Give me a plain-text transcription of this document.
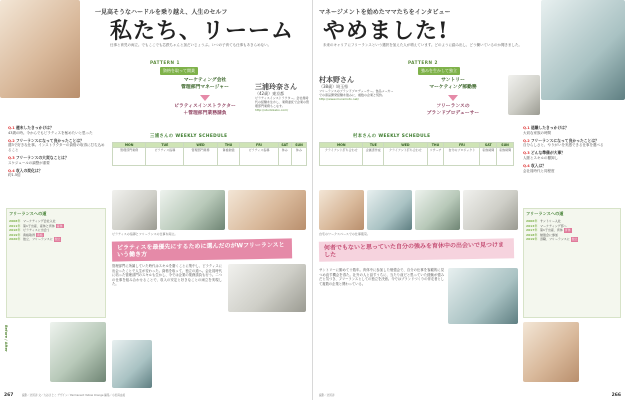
一見高そうなハードルを乗り越え、人生のセルフ
私たち、リーーム
仕事と育児の両立。でもここでも芯鉄ちゃんと加だいじょうぶ。いつの子育ても仕事もあきらめない。
PATTERN 1
資格を取って開業
マーケティング会社
管理部門マネージャー
ピラティスインストラクター
＋管理部門業務請負
三浦玲奈さん
（42歳）東京都
ピラティスインストラクター。会社員時代の経験を生かし、業務委託で企業の管理部門業務もこなす。
http://studiolabo.com/
Q.1 週末したきっかけは？
43歳の時。今からでもピラティスを極めたいと思った
Q.2 フリーランスになって良かったことは？
週3で好きな仕事。インストラクターの資格の取得に打ち込めること
Q.3 フリーランスの大変なことは？
スケジュールの調整が重要
Q.4 収入の変化は？
約1.5倍
三浦さんの WEEKLY SCHEDULE
MON	TUE	WED	THU	FRI	SAT	SUN
管理部門業務	ピラティス指導	管理部門業務	資格勉強	ピラティス指導	休み	休み
ピラティスの指導とフリーランスの仕事を両立。
ピラティスを最優先にするために選んだのがWフリーランスという働き方
管理部門に所属していた時代はスキルを磨くことに集中し、ピラティスに出会ったことで人生が変わった。資格を取って、独立の道へ。会社員時代に培った管理部門のスキルも生かし、今では企業の業務請負も行う。二つの仕事を組み合わせることで、収入の安定と好きなことの両立を実現した。
フリーランスへの道
2008年 マーケティング会社入社
2011年 第1子出産、産休と育休 産休
2016年 ピラティスに出会う
2019年 資格取得 資格
2020年 独立、フリーランスに 独立
Before / After
267	撮影／北尾渉 文／大谷さとこ デザイン／Permanent Yellow Orange 編集／小田真由美
マネージメントを始めたママたちをインタビュー
やめました!
未来のキャリアにフリーランスという選択を加えた人が増えています。どのように踏み出し、どう働いているのか聞きました。
PATTERN 2
強みを生かして独立
サントリー
マーケティング部勤務
フリーランスの
ブランドプロデューサー
村本野さん
（38歳）埼玉県
フリーランスのブランドプロデューサー。食品メーカーでの商品開発経験を強みに、複数の企業と契約。
http://www.muramoto.net/
村本さんの WEEKLY SCHEDULE
MON	TUE	WED	THU	FRI	SAT	SUN
クライアント打ち合わせ	企画書作成	クライアント打ち合わせ	リサーチ	自分のプロジェクト	家族時間	家族時間
Q.1 退職したきっかけは？
大切な家族の時間
Q.2 フリーランスになって良かったことは？
自分らしさと、やりがいを実感できる仕事を選べる
Q.3 どんな準備が大事？
人脈とスキルの棚卸し
Q.4 収入は？
会社員時代と同程度
自宅のワークスペースでの仕事風景。
何者でもないと思っていた自分の強みを育休中の出会いで見つけました
サントリーに勤めて十数年。育休中に参加した勉強会で、自分の仕事を客観的に見つめ直す機会を得た。社外の人と話すうちに、当たり前だと思っていた経験が強みだと気づき、フリーランスとしての独立を決意。今ではブランドづくりの伴走者として複数の企業と関わっている。
フリーランスへの道
2006年 サントリー入社
2014年 マーケティング部へ
2017年 第1子出産、育休 育休
2018年 勉強会に参加
2019年 退職、フリーランスに 独立
266
撮影／北尾渉
